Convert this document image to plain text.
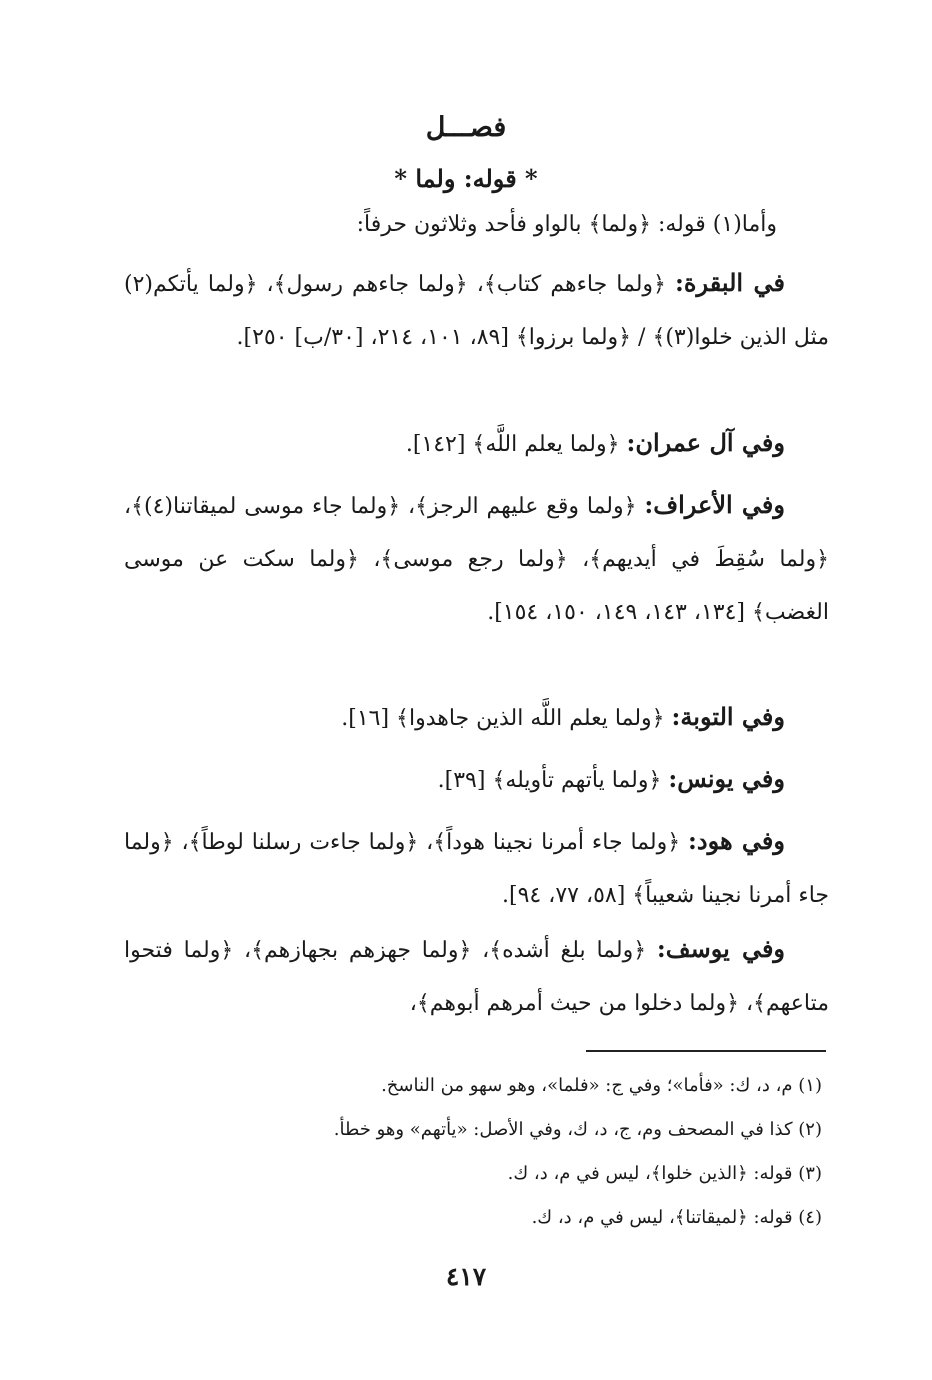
فصـــل
* قوله: ولما *
وأما(١) قوله: ﴿ولما﴾ بالواو فأحد وثلاثون حرفاً:
في البقرة: ﴿ولما جاءهم كتاب﴾، ﴿ولما جاءهم رسول﴾، ﴿ولما يأتكم(٢) مثل الذين خلوا(٣)﴾ / ﴿ولما برزوا﴾ [٨٩، ١٠١، ٢١٤، [٣٠/ب] ٢٥٠].
وفي آل عمران: ﴿ولما يعلم اللَّه﴾ [١٤٢].
وفي الأعراف: ﴿ولما وقع عليهم الرجز﴾، ﴿ولما جاء موسى لميقاتنا(٤)﴾، ﴿ولما سُقِطَ في أيديهم﴾، ﴿ولما رجع موسى﴾، ﴿ولما سكت عن موسى الغضب﴾ [١٣٤، ١٤٣، ١٤٩، ١٥٠، ١٥٤].
وفي التوبة: ﴿ولما يعلم اللَّه الذين جاهدوا﴾ [١٦].
وفي يونس: ﴿ولما يأتهم تأويله﴾ [٣٩].
وفي هود: ﴿ولما جاء أمرنا نجينا هوداً﴾، ﴿ولما جاءت رسلنا لوطاً﴾، ﴿ولما جاء أمرنا نجينا شعيباً﴾ [٥٨، ٧٧، ٩٤].
وفي يوسف: ﴿ولما بلغ أشده﴾، ﴿ولما جهزهم بجهازهم﴾، ﴿ولما فتحوا متاعهم﴾، ﴿ولما دخلوا من حيث أمرهم أبوهم﴾،
(١) م، د، ك: «فأما»؛ وفي ج: «فلما»، وهو سهو من الناسخ.
(٢) كذا في المصحف وم، ج، د، ك، وفي الأصل: «يأتهم» وهو خطأ.
(٣) قوله: ﴿الذين خلوا﴾، ليس في م، د، ك.
(٤) قوله: ﴿لميقاتنا﴾، ليس في م، د، ك.
٤١٧
